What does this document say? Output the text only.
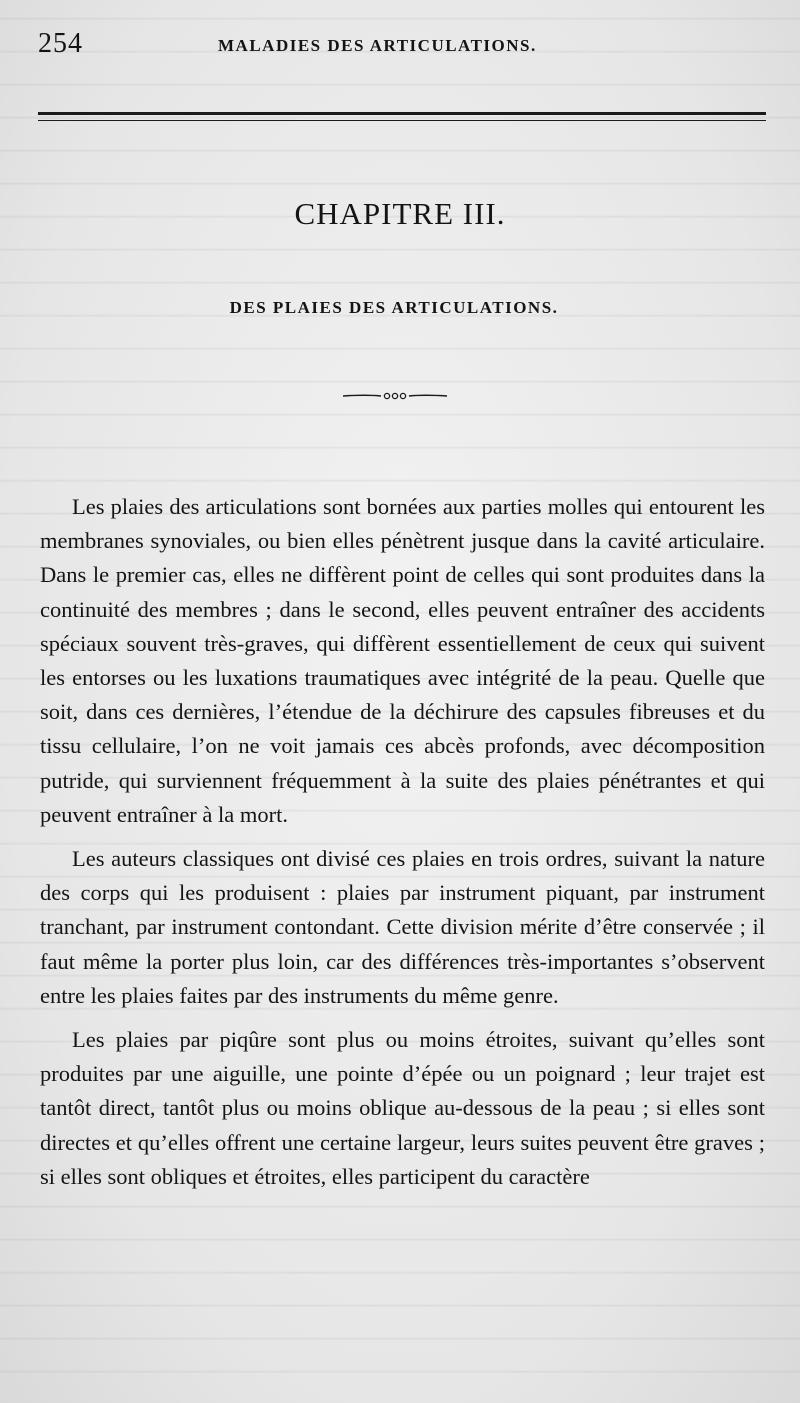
254	MALADIES DES ARTICULATIONS.
CHAPITRE III.
DES PLAIES DES ARTICULATIONS.

Les plaies des articulations sont bornées aux parties molles qui entourent les membranes synoviales, ou bien elles pénètrent jusque dans la cavité articulaire. Dans le premier cas, elles ne diffèrent point de celles qui sont produites dans la continuité des membres ; dans le second, elles peuvent entraîner des accidents spéciaux souvent très-graves, qui diffèrent essentiellement de ceux qui suivent les entorses ou les luxations traumatiques avec intégrité de la peau. Quelle que soit, dans ces dernières, l’étendue de la déchirure des capsules fibreuses et du tissu cellulaire, l’on ne voit jamais ces abcès profonds, avec décomposition putride, qui surviennent fréquemment à la suite des plaies pénétrantes et qui peuvent entraîner à la mort.

Les auteurs classiques ont divisé ces plaies en trois ordres, suivant la nature des corps qui les produisent : plaies par instrument piquant, par instrument tranchant, par instrument contondant. Cette division mérite d’être conservée ; il faut même la porter plus loin, car des différences très-importantes s’observent entre les plaies faites par des instruments du même genre.

Les plaies par piqûre sont plus ou moins étroites, suivant qu’elles sont produites par une aiguille, une pointe d’épée ou un poignard ; leur trajet est tantôt direct, tantôt plus ou moins oblique au-dessous de la peau ; si elles sont directes et qu’elles offrent une certaine largeur, leurs suites peuvent être graves ; si elles sont obliques et étroites, elles participent du caractère
